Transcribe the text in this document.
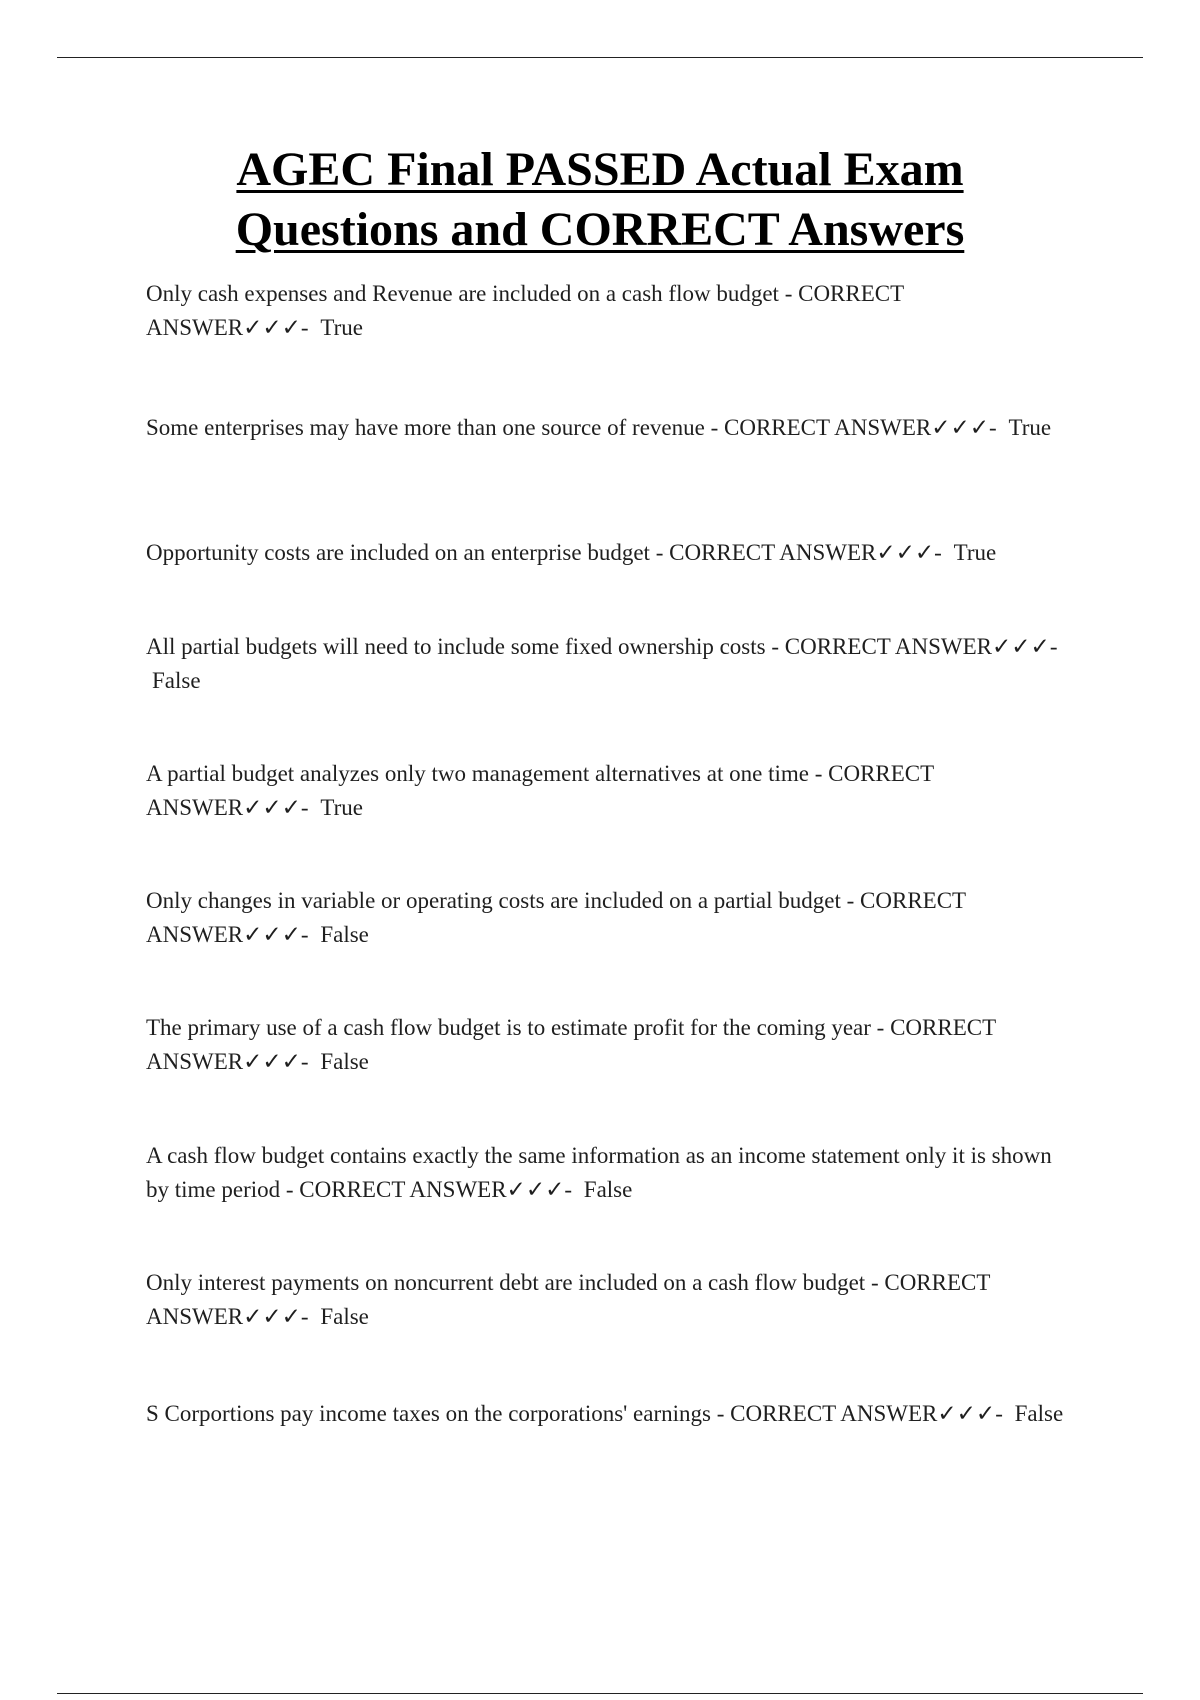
AGEC Final PASSED Actual Exam
Questions and CORRECT Answers

Only cash expenses and Revenue are included on a cash flow budget - CORRECT ANSWER✓✓✓- True

Some enterprises may have more than one source of revenue - CORRECT ANSWER✓✓✓- True

Opportunity costs are included on an enterprise budget - CORRECT ANSWER✓✓✓- True

All partial budgets will need to include some fixed ownership costs - CORRECT ANSWER✓✓✓- False

A partial budget analyzes only two management alternatives at one time - CORRECT ANSWER✓✓✓- True

Only changes in variable or operating costs are included on a partial budget - CORRECT ANSWER✓✓✓- False

The primary use of a cash flow budget is to estimate profit for the coming year - CORRECT ANSWER✓✓✓- False

A cash flow budget contains exactly the same information as an income statement only it is shown by time period - CORRECT ANSWER✓✓✓- False

Only interest payments on noncurrent debt are included on a cash flow budget - CORRECT ANSWER✓✓✓- False

S Corportions pay income taxes on the corporations' earnings - CORRECT ANSWER✓✓✓- False
